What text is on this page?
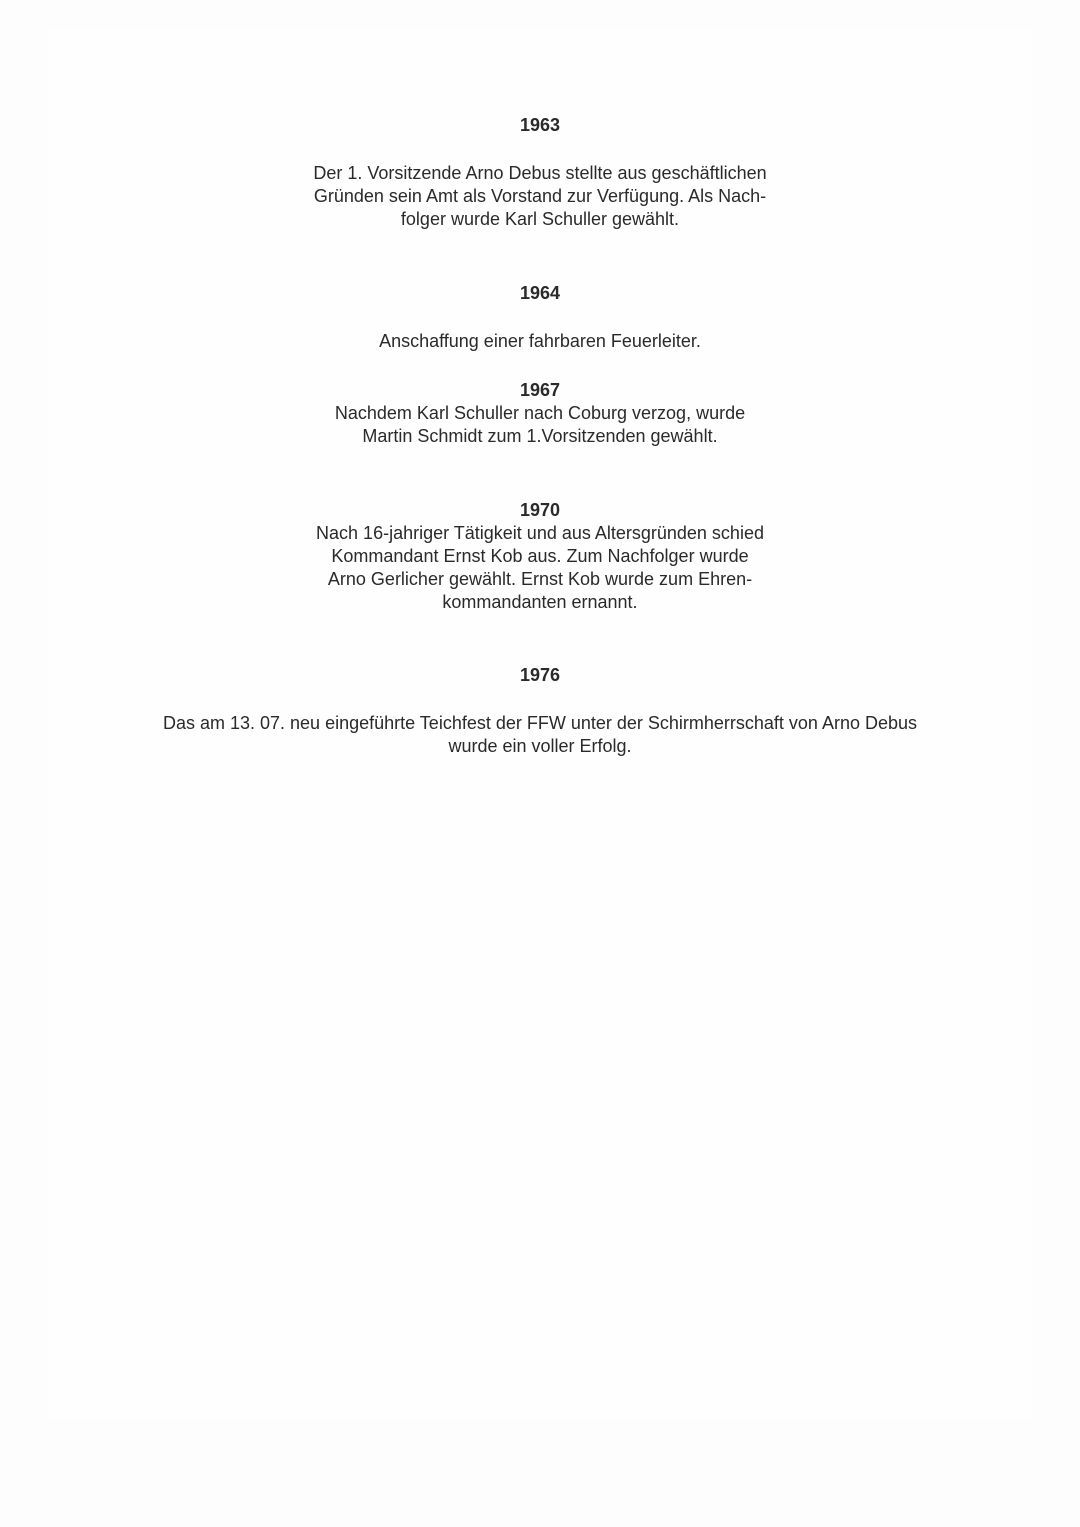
1963
Der 1. Vorsitzende Arno Debus stellte aus geschäftlichen
Gründen sein Amt als Vorstand zur Verfügung. Als Nach-
folger wurde Karl Schuller gewählt.
1964
Anschaffung einer fahrbaren Feuerleiter.
1967
Nachdem Karl Schuller nach Coburg verzog, wurde
Martin Schmidt zum 1.Vorsitzenden gewählt.
1970
Nach 16-jahriger Tätigkeit und aus Altersgründen schied
Kommandant Ernst Kob aus. Zum Nachfolger wurde
Arno Gerlicher gewählt. Ernst Kob wurde zum Ehren-
kommandanten ernannt.
1976
Das am 13. 07. neu eingeführte Teichfest der FFW unter der Schirmherrschaft von Arno Debus
wurde ein voller Erfolg.
